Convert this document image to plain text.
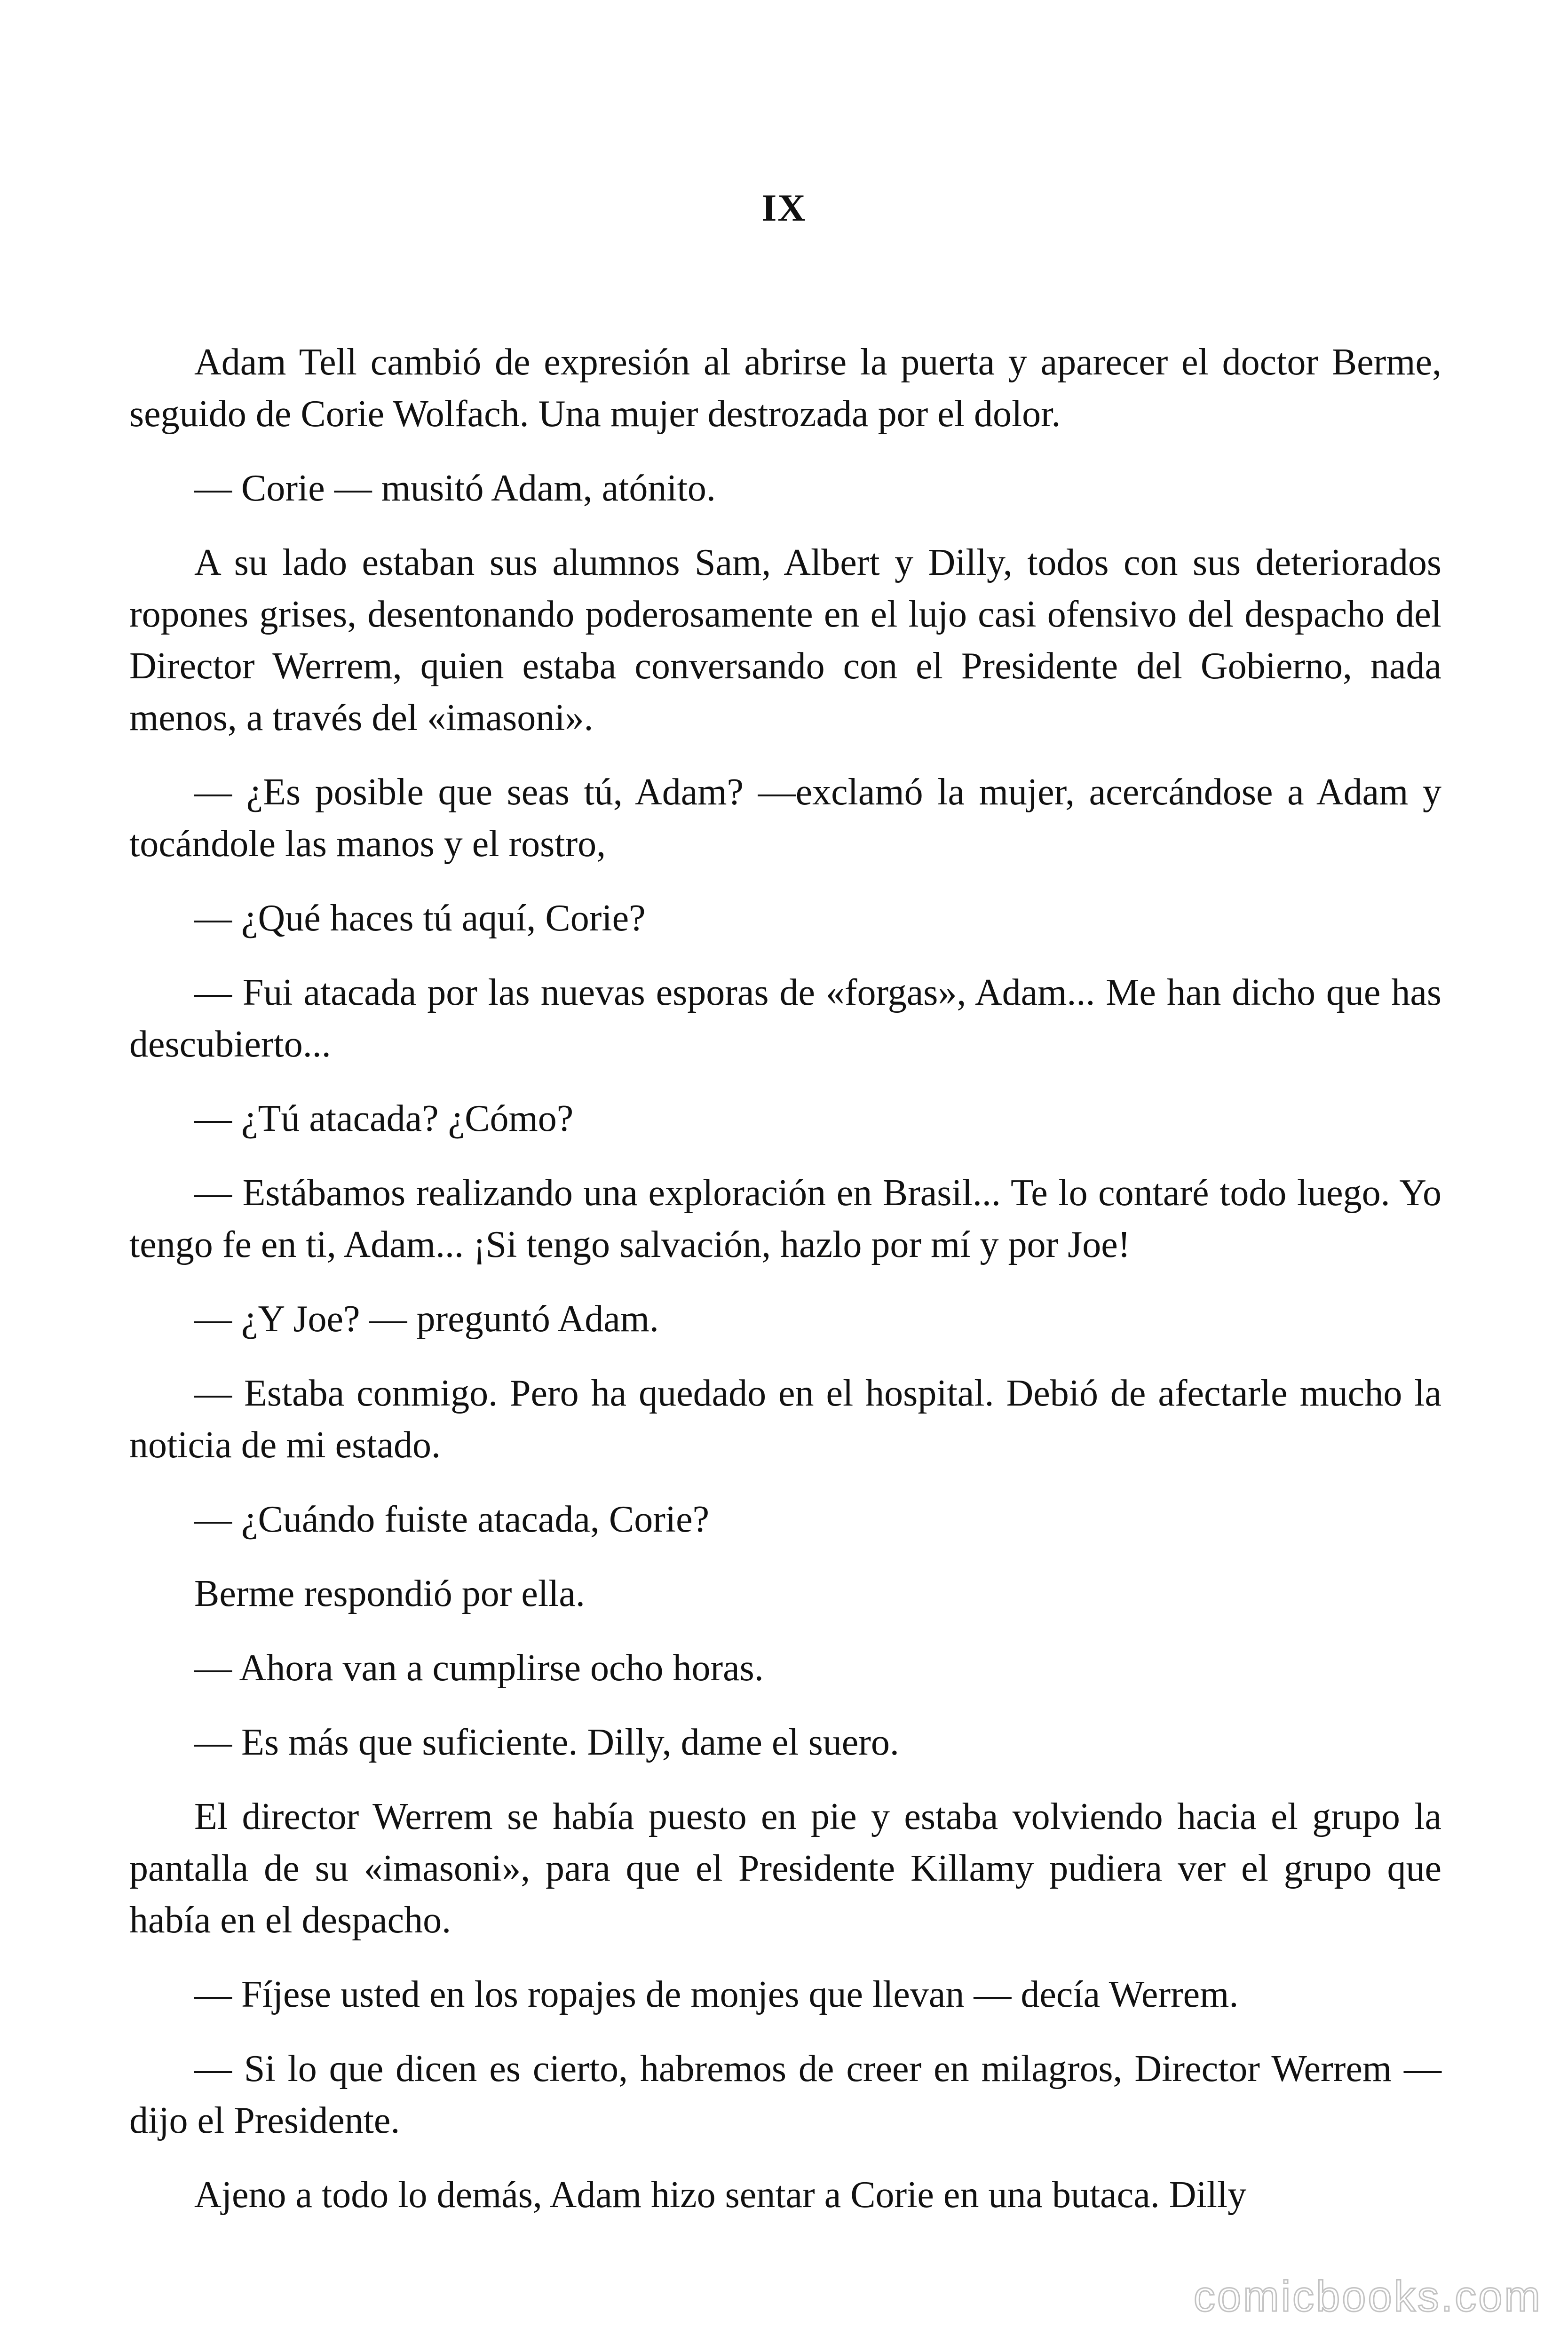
IX

Adam Tell cambió de expresión al abrirse la puerta y aparecer el doctor Berme, seguido de Corie Wolfach. Una mujer destrozada por el dolor.

— Corie — musitó Adam, atónito.

A su lado estaban sus alumnos Sam, Albert y Dilly, todos con sus deteriorados ropones grises, desentonando poderosamente en el lujo casi ofensivo del despacho del Director Werrem, quien estaba conversando con el Presidente del Gobierno, nada menos, a través del «imasoni».

— ¿Es posible que seas tú, Adam? —exclamó la mujer, acercándose a Adam y tocándole las manos y el rostro,

— ¿Qué haces tú aquí, Corie?

— Fui atacada por las nuevas esporas de «forgas», Adam... Me han dicho que has descubierto...

— ¿Tú atacada? ¿Cómo?

— Estábamos realizando una exploración en Brasil... Te lo contaré todo luego. Yo tengo fe en ti, Adam... ¡Si tengo salvación, hazlo por mí y por Joe!

— ¿Y Joe? — preguntó Adam.

— Estaba conmigo. Pero ha quedado en el hospital. Debió de afectarle mucho la noticia de mi estado.

— ¿Cuándo fuiste atacada, Corie?

Berme respondió por ella.

— Ahora van a cumplirse ocho horas.

— Es más que suficiente. Dilly, dame el suero.

El director Werrem se había puesto en pie y estaba volviendo hacia el grupo la pantalla de su «imasoni», para que el Presidente Killamy pudiera ver el grupo que había en el despacho.

— Fíjese usted en los ropajes de monjes que llevan — decía Werrem.

— Si lo que dicen es cierto, habremos de creer en milagros, Director Werrem — dijo el Presidente.

Ajeno a todo lo demás, Adam hizo sentar a Corie en una butaca. Dilly

comicbooks.com
